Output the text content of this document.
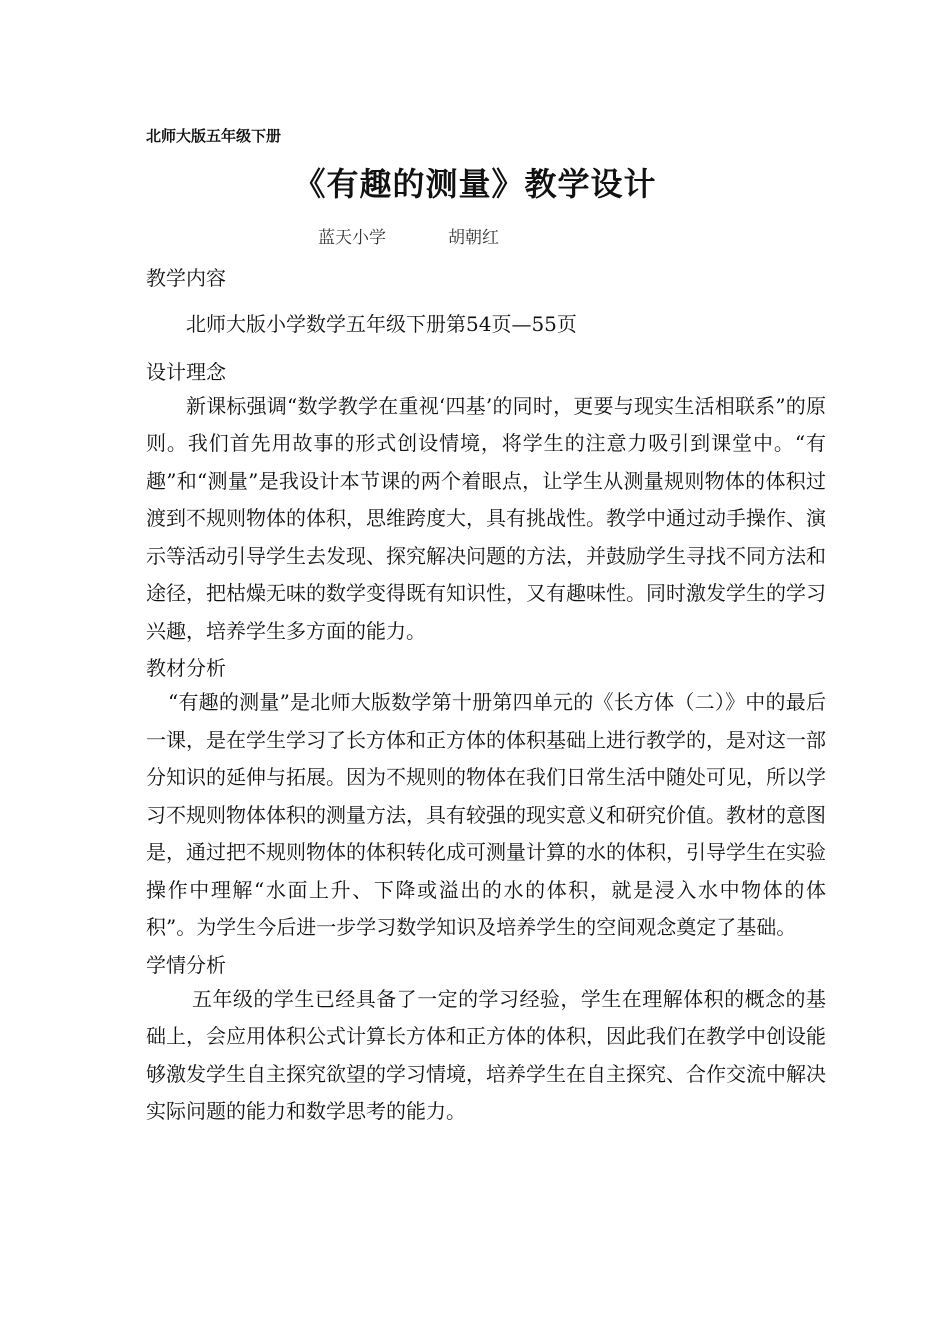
北师大版五年级下册
《有趣的测量》教学设计
蓝天小学	胡朝红

教学内容

北师大版小学数学五年级下册第54页—55页

设计理念

新课标强调“数学教学在重视‘四基’的同时，更要与现实生活相联系”的原则。我们首先用故事的形式创设情境，将学生的注意力吸引到课堂中。“有趣”和“测量”是我设计本节课的两个着眼点，让学生从测量规则物体的体积过渡到不规则物体的体积，思维跨度大，具有挑战性。教学中通过动手操作、演示等活动引导学生去发现、探究解决问题的方法，并鼓励学生寻找不同方法和途径，把枯燥无味的数学变得既有知识性，又有趣味性。同时激发学生的学习兴趣，培养学生多方面的能力。

教材分析

“有趣的测量”是北师大版数学第十册第四单元的《长方体（二）》中的最后一课，是在学生学习了长方体和正方体的体积基础上进行教学的，是对这一部分知识的延伸与拓展。因为不规则的物体在我们日常生活中随处可见，所以学习不规则物体体积的测量方法，具有较强的现实意义和研究价值。教材的意图是，通过把不规则物体的体积转化成可测量计算的水的体积，引导学生在实验操作中理解“水面上升、下降或溢出的水的体积，就是浸入水中物体的体积”。为学生今后进一步学习数学知识及培养学生的空间观念奠定了基础。

学情分析

五年级的学生已经具备了一定的学习经验，学生在理解体积的概念的基础上，会应用体积公式计算长方体和正方体的体积，因此我们在教学中创设能够激发学生自主探究欲望的学习情境，培养学生在自主探究、合作交流中解决实际问题的能力和数学思考的能力。
